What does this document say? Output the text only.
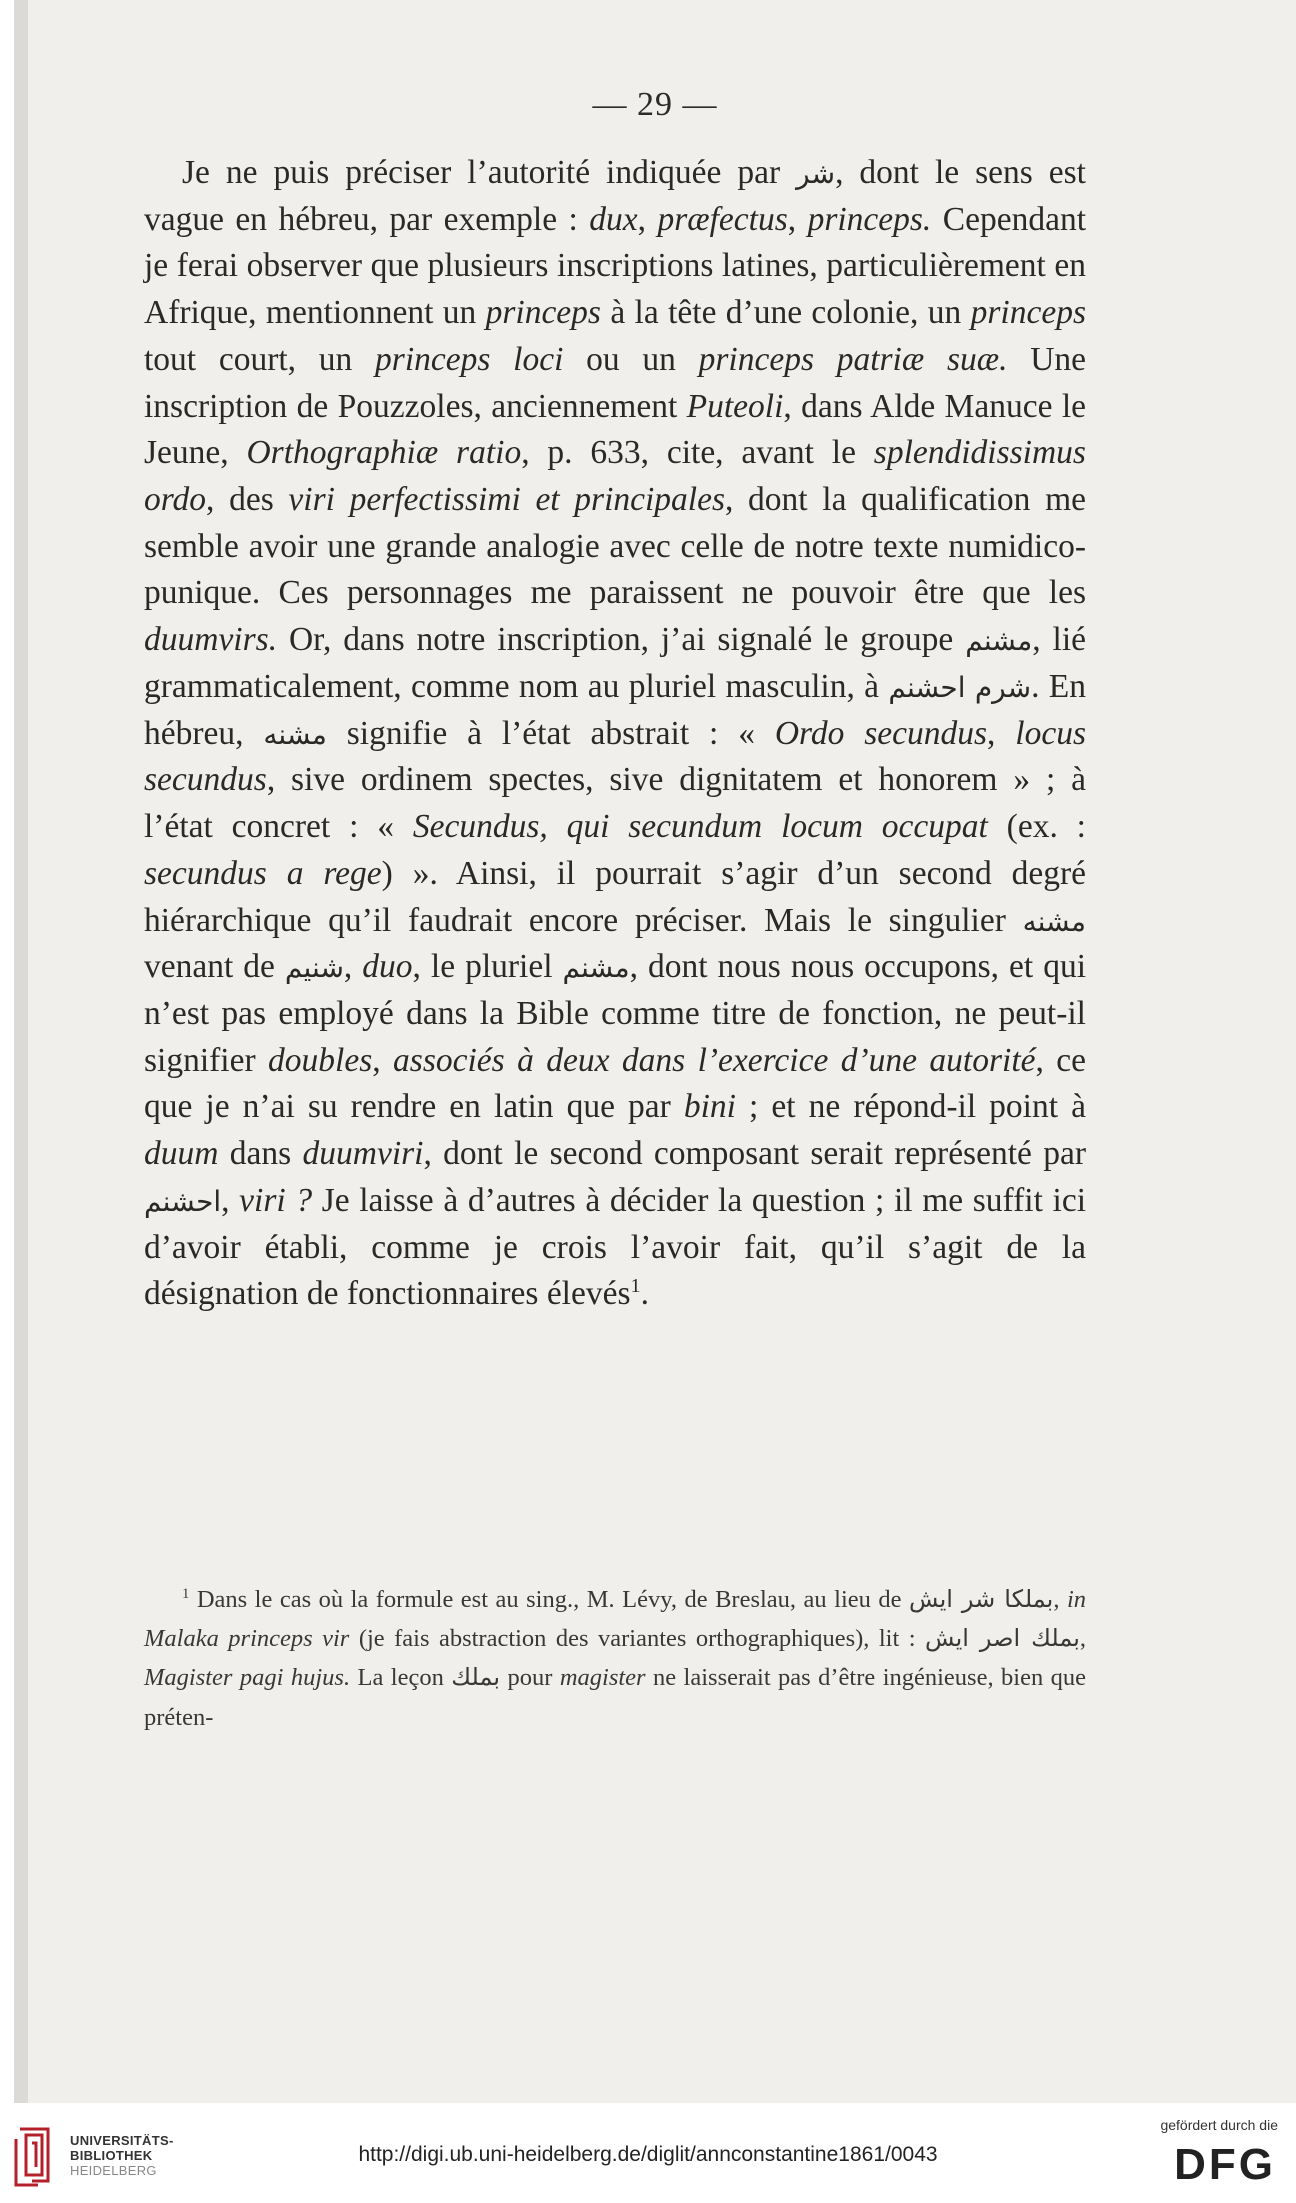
— 29 —

Je ne puis préciser l’autorité indiquée par شر, dont le sens est vague en hébreu, par exemple : dux, præfectus, princeps. Cependant je ferai observer que plusieurs inscriptions latines, particulièrement en Afrique, mentionnent un princeps à la tête d’une colonie, un princeps tout court, un princeps loci ou un princeps patriæ suæ. Une inscription de Pouzzoles, anciennement Puteoli, dans Alde Manuce le Jeune, Orthographiæ ratio, p. 633, cite, avant le splendidissimus ordo, des viri perfectissimi et principales, dont la qualification me semble avoir une grande analogie avec celle de notre texte numidico-punique. Ces personnages me paraissent ne pouvoir être que les duumvirs. Or, dans notre inscription, j’ai signalé le groupe مشنم, lié grammaticalement, comme nom au pluriel masculin, à احشنم شرم. En hébreu, مشنه signifie à l’état abstrait : « Ordo secundus, locus secundus, sive ordinem spectes, sive dignitatem et honorem » ; à l’état concret : « Secundus, qui secundum locum occupat (ex. : secundus a rege) ». Ainsi, il pourrait s’agir d’un second degré hiérarchique qu’il faudrait encore préciser. Mais le singulier مشنه venant de شنيم, duo, le pluriel مشنم, dont nous nous occupons, et qui n’est pas employé dans la Bible comme titre de fonction, ne peut-il signifier doubles, associés à deux dans l’exercice d’une autorité, ce que je n’ai su rendre en latin que par bini ; et ne répond-il point à duum dans duumviri, dont le second composant serait représenté par احشنم, viri ? Je laisse à d’autres à décider la question ; il me suffit ici d’avoir établi, comme je crois l’avoir fait, qu’il s’agit de la désignation de fonctionnaires élevés$^1$.

$^1$ Dans le cas où la formule est au sing., M. Lévy, de Breslau, au lieu de بملكا شر ايش, in Malaka princeps vir (je fais abstraction des variantes orthographiques), lit : بملك اصر ايش, Magister pagi hujus. La leçon بملك pour magister ne laisserait pas d’être ingénieuse, bien que préten-

UNIVERSITÄTS-
BIBLIOTHEK
HEIDELBERG
http://digi.ub.uni-heidelberg.de/diglit/annconstantine1861/0043
gefördert durch die
DFG
